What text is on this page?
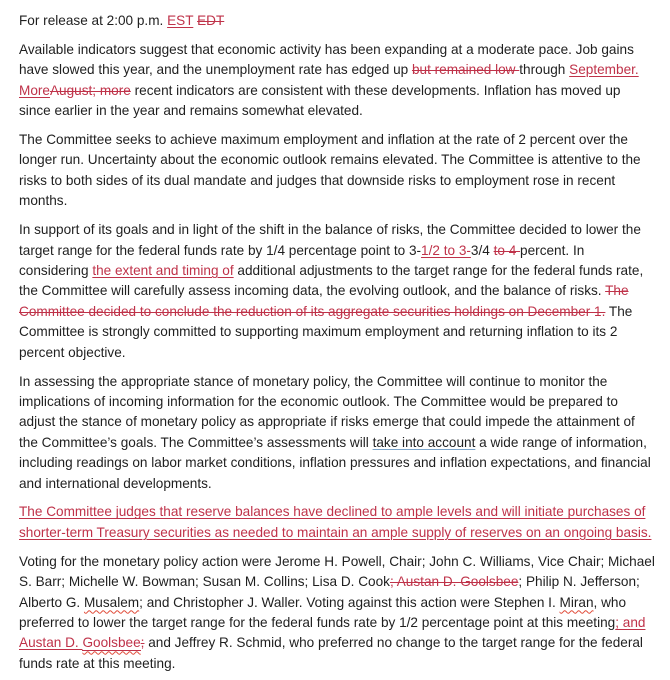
For release at 2:00 p.m. EST EDT

Available indicators suggest that economic activity has been expanding at a moderate pace. Job gains have slowed this year, and the unemployment rate has edged up but remained low through September. MoreAugust; more recent indicators are consistent with these developments. Inflation has moved up since earlier in the year and remains somewhat elevated.

The Committee seeks to achieve maximum employment and inflation at the rate of 2 percent over the longer run. Uncertainty about the economic outlook remains elevated. The Committee is attentive to the risks to both sides of its dual mandate and judges that downside risks to employment rose in recent months.

In support of its goals and in light of the shift in the balance of risks, the Committee decided to lower the target range for the federal funds rate by 1/4 percentage point to 3-1/2 to 3-3/4 to 4 percent. In considering the extent and timing of additional adjustments to the target range for the federal funds rate, the Committee will carefully assess incoming data, the evolving outlook, and the balance of risks. The Committee decided to conclude the reduction of its aggregate securities holdings on December 1. The Committee is strongly committed to supporting maximum employment and returning inflation to its 2 percent objective.

In assessing the appropriate stance of monetary policy, the Committee will continue to monitor the implications of incoming information for the economic outlook. The Committee would be prepared to adjust the stance of monetary policy as appropriate if risks emerge that could impede the attainment of the Committee’s goals. The Committee’s assessments will take into account a wide range of information, including readings on labor market conditions, inflation pressures and inflation expectations, and financial and international developments.

The Committee judges that reserve balances have declined to ample levels and will initiate purchases of shorter-term Treasury securities as needed to maintain an ample supply of reserves on an ongoing basis.

Voting for the monetary policy action were Jerome H. Powell, Chair; John C. Williams, Vice Chair; Michael S. Barr; Michelle W. Bowman; Susan M. Collins; Lisa D. Cook; Austan D. Goolsbee; Philip N. Jefferson; Alberto G. Musalem; and Christopher J. Waller. Voting against this action were Stephen I. Miran, who preferred to lower the target range for the federal funds rate by 1/2 percentage point at this meeting; and Austan D. Goolsbee; and Jeffrey R. Schmid, who preferred no change to the target range for the federal funds rate at this meeting.
